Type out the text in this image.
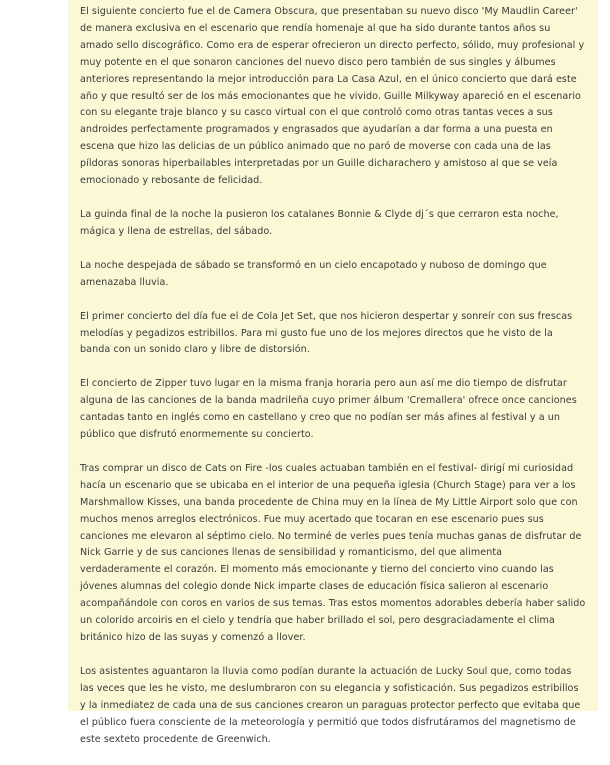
El siguiente concierto fue el de Camera Obscura, que presentaban su nuevo disco 'My Maudlin Career' de manera exclusiva en el escenario que rendía homenaje al que ha sido durante tantos años su amado sello discográfico. Como era de esperar ofrecieron un directo perfecto, sólido, muy profesional y muy potente en el que sonaron canciones del nuevo disco pero también de sus singles y álbumes anteriores representando la mejor introducción para La Casa Azul, en el único concierto que dará este año y que resultó ser de los más emocionantes que he vivido. Guille Milkyway apareció en el escenario con su elegante traje blanco y su casco virtual con el que controló como otras tantas veces a sus androides perfectamente programados y engrasados que ayudarían a dar forma a una puesta en escena que hizo las delicias de un público animado que no paró de moverse con cada una de las píldoras sonoras hiperbailables interpretadas por un Guille dicharachero y amistoso al que se veía emocionado y rebosante de felicidad.

La guinda final de la noche la pusieron los catalanes Bonnie & Clyde dj´s que cerraron esta noche, mágica y llena de estrellas, del sábado.

La noche despejada de sábado se transformó en un cielo encapotado y nuboso de domingo que amenazaba lluvia.

El primer concierto del día fue el de Cola Jet Set, que nos hicieron despertar y sonreír con sus frescas melodías y pegadizos estribillos. Para mi gusto fue uno de los mejores directos que he visto de la banda con un sonido claro y libre de distorsión.

El concierto de Zipper tuvo lugar en la misma franja horaria pero aun así me dio tiempo de disfrutar alguna de las canciones de la banda madrileña cuyo primer álbum 'Cremallera' ofrece once canciones cantadas tanto en inglés como en castellano y creo que no podían ser más afines al festival y a un público que disfrutó enormemente su concierto.

Tras comprar un disco de Cats on Fire -los cuales actuaban también en el festival- dirigí mi curiosidad hacía un escenario que se ubicaba en el interior de una pequeña iglesia (Church Stage) para ver a los Marshmallow Kisses, una banda procedente de China muy en la línea de My Little Airport solo que con muchos menos arreglos electrónicos. Fue muy acertado que tocaran en ese escenario pues sus canciones me elevaron al séptimo cielo. No terminé de verles pues tenía muchas ganas de disfrutar de Nick Garrie y de sus canciones llenas de sensibilidad y romanticismo, del que alimenta verdaderamente el corazón. El momento más emocionante y tierno del concierto vino cuando las jóvenes alumnas del colegio donde Nick imparte clases de educación física salieron al escenario acompañándole con coros en varios de sus temas. Tras estos momentos adorables debería haber salido un colorido arcoiris en el cielo y tendría que haber brillado el sol, pero desgraciadamente el clima británico hizo de las suyas y comenzó a llover.

Los asistentes aguantaron la lluvia como podían durante la actuación de Lucky Soul que, como todas las veces que les he visto, me deslumbraron con su elegancia y sofisticación. Sus pegadizos estribillos y la inmediatez de cada una de sus canciones crearon un paraguas protector perfecto que evitaba que el público fuera consciente de la meteorología y permitió que todos disfrutáramos del magnetismo de este sexteto procedente de Greenwich.
